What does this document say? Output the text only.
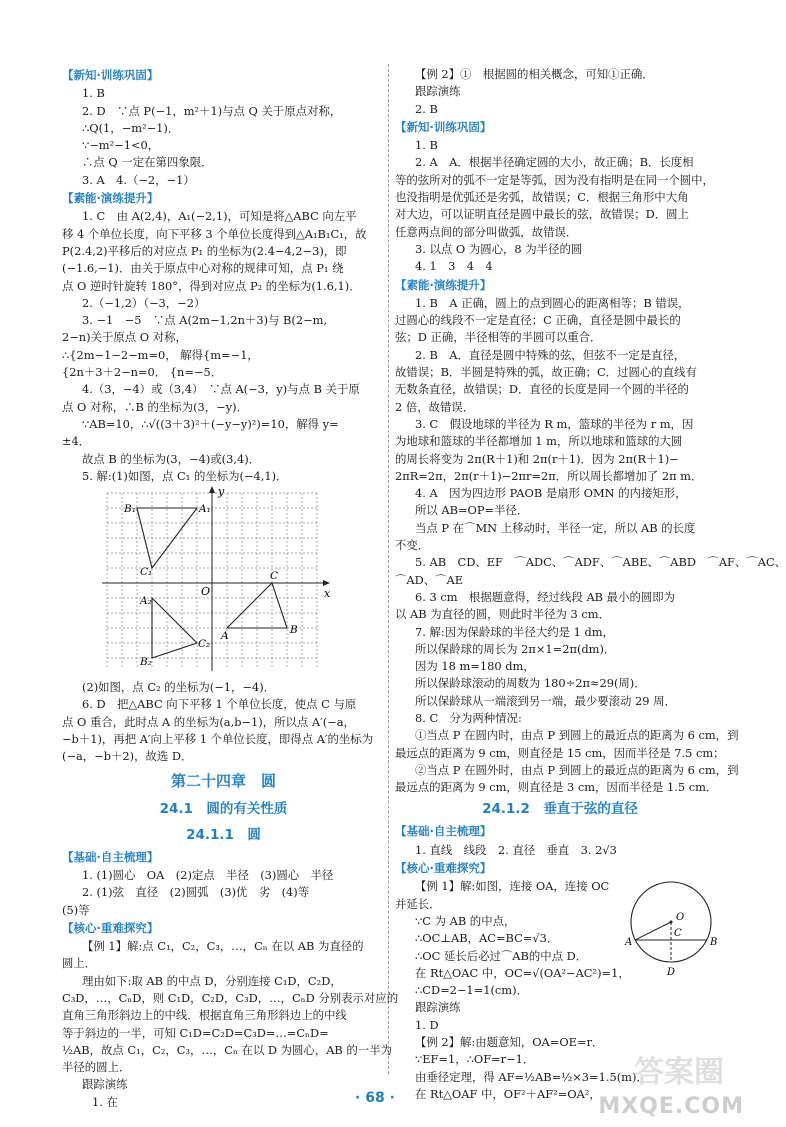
【新知·训练巩固】
1. B
2. D　∵点 P(−1，m²＋1)与点 Q 关于原点对称，
∴Q(1，−m²−1)．
∵−m²−1<0，
∴点 Q 一定在第四象限．
3. A　4.（−2，−1）
【素能·演练提升】
1. C　由 A(2,4)，A₁(−2,1)，可知是将△ABC 向左平
移 4 个单位长度，向下平移 3 个单位长度得到△A₁B₁C₁，故
P(2.4,2)平移后的对应点 P₁ 的坐标为(2.4−4,2−3)，即
(−1.6,−1)．由关于原点中心对称的规律可知，点 P₁ 绕
点 O 逆时针旋转 180°，得到对应点 P₂ 的坐标为(1.6,1)．
2.（−1,2）（−3，−2）
3. −1　−5　∵点 A(2m−1,2n＋3)与 B(2−m,
2−n)关于原点 O 对称，
∴{2m−1−2−m=0， 解得{m=−1，
{2n＋3＋2−n=0． {n=−5．
4.（3，−4）或（3,4）　∵点 A(−3，y)与点 B 关于原
点 O 对称，∴B 的坐标为(3，−y)．
∵AB=10，∴√((3＋3)²＋(−y−y)²)=10，解得 y=
±4．
故点 B 的坐标为(3，−4)或(3,4)．
5. 解:(1)如图，点 C₁ 的坐标为(−4,1)．
y
x
O
B₁	A₁
C₁
A
C
B
A₂
B₂
C₂
(2)如图，点 C₂ 的坐标为(−1，−4)．
6. D　把△ABC 向下平移 1 个单位长度，使点 C 与原
点 O 重合，此时点 A 的坐标为(a,b−1)，所以点 A′(−a，
−b＋1)，再把 A′向上平移 1 个单位长度，即得点 A′的坐标为
(−a，−b＋2)，故选 D．
第二十四章　圆
24.1　圆的有关性质
24.1.1　圆
【基础·自主梳理】
1. (1)圆心　OA　(2)定点　半径　(3)圆心　半径
2. (1)弦　直径　(2)圆弧　(3)优　劣　(4)等
(5)等
【核心·重难探究】
【例 1】解:点 C₁，C₂，C₃，…，Cₙ 在以 AB 为直径的
圆上．
理由如下:取 AB 的中点 D，分别连接 C₁D，C₂D，
C₃D，…，CₙD，则 C₁D，C₂D，C₃D，…，CₙD 分别表示对应的
直角三角形斜边上的中线．根据直角三角形斜边上的中线
等于斜边的一半，可知 C₁D=C₂D=C₃D=…=CₙD=
½AB，故点 C₁，C₂，C₃，…，Cₙ 在以 D 为圆心，AB 的一半为
半径的圆上．
跟踪演练
1. 在
【例 2】①　根据圆的相关概念，可知①正确．
跟踪演练
2. B
【新知·训练巩固】
1. B
2. A　A．根据半径确定圆的大小，故正确；B．长度相
等的弦所对的弧不一定是等弧，因为没有指明是在同一个圆中，
也没指明是优弧还是劣弧，故错误；C．根据三角形中大角
对大边，可以证明直径是圆中最长的弦，故错误；D．圆上
任意两点间的部分叫做弧，故错误．
3. 以点 O 为圆心，8 为半径的圆
4. 1　3　4　4
【素能·演练提升】
1. B　A 正确，圆上的点到圆心的距离相等；B 错误，
过圆心的线段不一定是直径；C 正确，直径是圆中最长的
弦；D 正确，半径相等的半圆可以重合．
2. B　A．直径是圆中特殊的弦，但弦不一定是直径，
故错误；B．半圆是特殊的弧，故正确；C．过圆心的直线有
无数条直径，故错误；D．直径的长度是同一个圆的半径的
2 倍，故错误．
3. C　假设地球的半径为 R m，篮球的半径为 r m，因
为地球和篮球的半径都增加 1 m，所以地球和篮球的大圆
的周长将变为 2π(R＋1)和 2π(r＋1)．因为 2π(R＋1)−
2πR=2π，2π(r＋1)−2πr=2π．所以周长都增加了 2π m．
4. A　因为四边形 PAOB 是扇形 OMN 的内接矩形，
所以 AB=OP=半径．
当点 P 在⌒MN 上移动时，半径一定，所以 AB 的长度
不变．
5. AB　CD、EF　⌒ADC、⌒ADF、⌒ABE、⌒ABD　⌒AF、⌒AC、
⌒AD、⌒AE
6. 3 cm　根据题意得，经过线段 AB 最小的圆即为
以 AB 为直径的圆，则此时半径为 3 cm．
7. 解:因为保龄球的半径大约是 1 dm，
所以保龄球的周长为 2π×1=2π(dm)．
因为 18 m=180 dm，
所以保龄球滚动的周数为 180÷2π≈29(周)．
所以保龄球从一端滚到另一端，最少要滚动 29 周．
8. C　分为两种情况:
①当点 P 在圆内时，由点 P 到圆上的最近点的距离为 6 cm，到
最远点的距离为 9 cm，则直径是 15 cm，因而半径是 7.5 cm；
②当点 P 在圆外时，由点 P 到圆上的最近点的距离为 6 cm，到
最远点的距离为 9 cm，则直径是 3 cm，因而半径是 1.5 cm．
24.1.2　垂直于弦的直径
【基础·自主梳理】
1. 直线　线段　2. 直径　垂直　3. 2√3
【核心·重难探究】
O
A	B
C
D
【例 1】解:如图，连接 OA，连接 OC
并延长．
∵C 为 AB 的中点，
∴OC⊥AB，AC=BC=√3．
∴OC 延长后必过⌒AB的中点 D．
在 Rt△OAC 中，OC=√(OA²−AC²)=1，
∴CD=2−1=1(cm)．
跟踪演练
1. D
【例 2】解:由题意知，OA=OE=r．
∵EF=1，∴OF=r−1．
由垂径定理，得 AF=½AB=½×3=1.5(m)．
在 Rt△OAF 中，OF²＋AF²=OA²，
· 68 ·
答案圈
MXQE.COM
